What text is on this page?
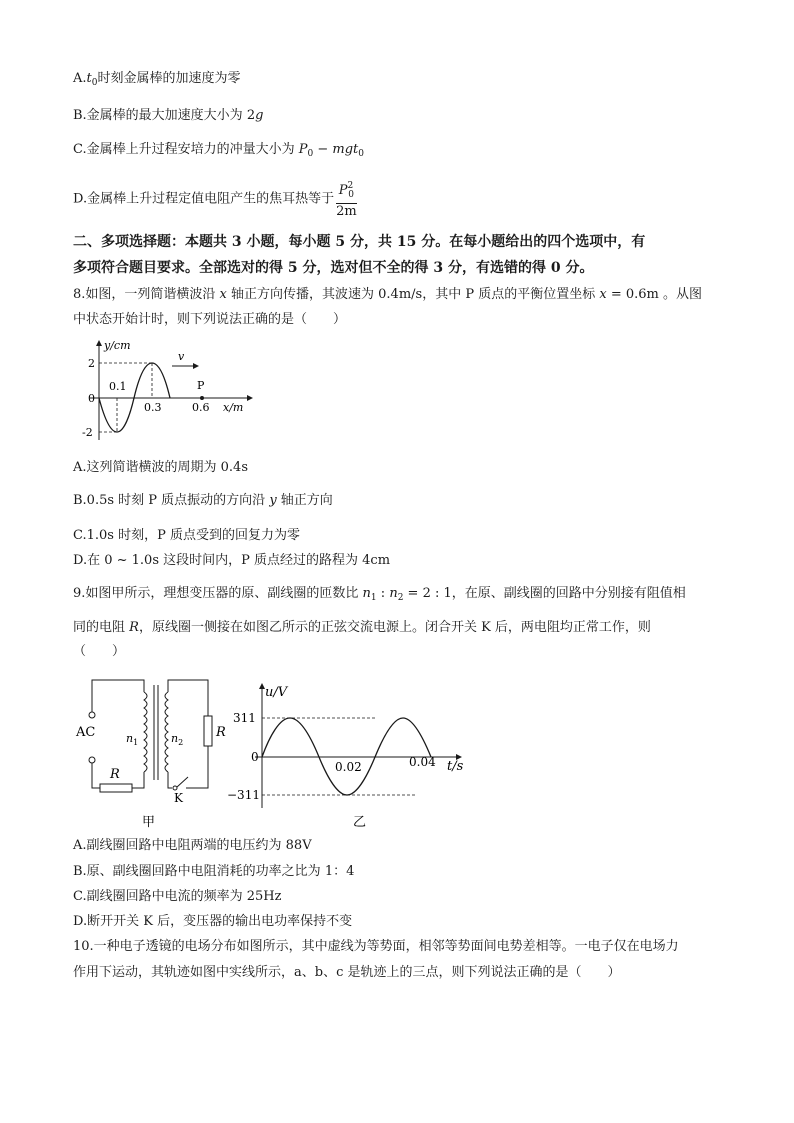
$A.t_0$时刻金属棒的加速度为零
B.金属棒的最大加速度大小为 2g
C.金属棒上升过程安培力的冲量大小为 $P_0 - mgt_0$
D.金属棒上升过程定值电阻产生的焦耳热等于 $\frac{P^2_0}{2m}$
二、多项选择题：本题共 3 小题，每小题 5 分，共 15 分。在每小题给出的四个选项中，有
多项符合题目要求。全部选对的得 5 分，选对但不全的得 3 分，有选错的得 0 分。
8.如图，一列简谐横波沿 x 轴正方向传播，其波速为 0.4m/s，其中 P 质点的平衡位置坐标 x = 0.6m 。从图
中状态开始计时，则下列说法正确的是（　　）
y/cm
x/m
v
2
0
-2
0.1
0.3	0.6
P
A.这列简谐横波的周期为 0.4s
B.0.5s 时刻 P 质点振动的方向沿 y 轴正方向
C.1.0s 时刻，P 质点受到的回复力为零
D.在 0 ~ 1.0s 这段时间内，P 质点经过的路程为 4cm
9.如图甲所示，理想变压器的原、副线圈的匝数比 $n_1$ : $n_2 = 2$ : 1，在原、副线圈的回路中分别接有阻值相
同的电阻 R，原线圈一侧接在如图乙所示的正弦交流电源上。闭合开关 K 后，两电阻均正常工作，则
（　　）
AC	$n_1$	$n_2$
R
R
K
甲
u/V
t/s
311
0
−311
0.02	0.04
乙
A.副线圈回路中电阻两端的电压约为 88V
B.原、副线圈回路中电阻消耗的功率之比为 1：4
C.副线圈回路中电流的频率为 25Hz
D.断开开关 K 后，变压器的输出电功率保持不变
10.一种电子透镜的电场分布如图所示，其中虚线为等势面，相邻等势面间电势差相等。一电子仅在电场力
作用下运动，其轨迹如图中实线所示，a、b、c 是轨迹上的三点，则下列说法正确的是（　　）
